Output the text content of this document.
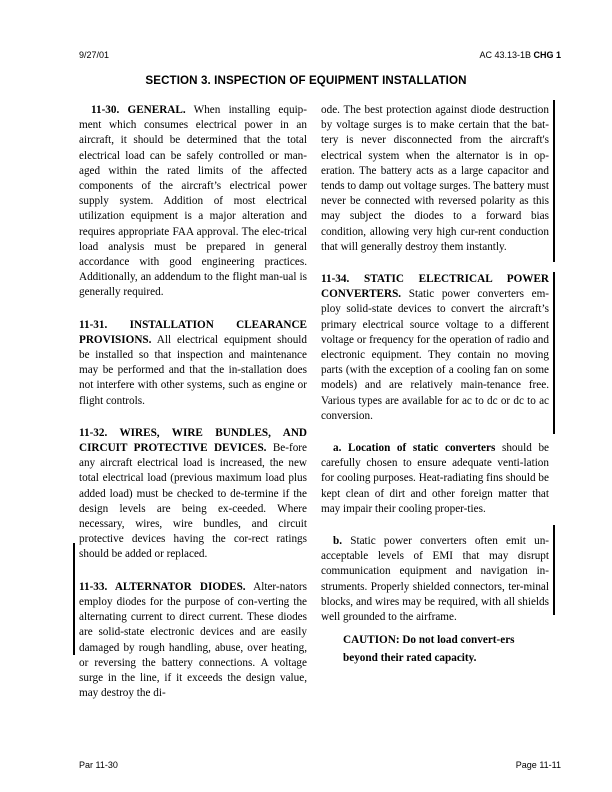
9/27/01	AC 43.13-1B CHG 1
SECTION 3. INSPECTION OF EQUIPMENT INSTALLATION

11-30. GENERAL. When installing equip-ment which consumes electrical power in an aircraft, it should be determined that the total electrical load can be safely controlled or man-aged within the rated limits of the affected components of the aircraft’s electrical power supply system. Addition of most electrical utilization equipment is a major alteration and requires appropriate FAA approval. The elec-trical load analysis must be prepared in general accordance with good engineering practices. Additionally, an addendum to the flight man-ual is generally required.

11-31. INSTALLATION CLEARANCE PROVISIONS. All electrical equipment should be installed so that inspection and maintenance may be performed and that the in-stallation does not interfere with other systems, such as engine or flight controls.

11-32. WIRES, WIRE BUNDLES, AND CIRCUIT PROTECTIVE DEVICES. Be-fore any aircraft electrical load is increased, the new total electrical load (previous maximum load plus added load) must be checked to de-termine if the design levels are being ex-ceeded. Where necessary, wires, wire bundles, and circuit protective devices having the cor-rect ratings should be added or replaced.

11-33. ALTERNATOR DIODES. Alter-nators employ diodes for the purpose of con-verting the alternating current to direct current. These diodes are solid-state electronic devices and are easily damaged by rough handling, abuse, over heating, or reversing the battery connections. A voltage surge in the line, if it exceeds the design value, may destroy the di-

ode. The best protection against diode destruction by voltage surges is to make certain that the bat-tery is never disconnected from the aircraft's electrical system when the alternator is in op-eration. The battery acts as a large capacitor and tends to damp out voltage surges. The battery must never be connected with reversed polarity as this may subject the diodes to a forward bias condition, allowing very high cur-rent conduction that will generally destroy them instantly.

11-34. STATIC ELECTRICAL POWER CONVERTERS. Static power converters em-ploy solid-state devices to convert the aircraft’s primary electrical source voltage to a different voltage or frequency for the operation of radio and electronic equipment. They contain no moving parts (with the exception of a cooling fan on some models) and are relatively main-tenance free. Various types are available for ac to dc or dc to ac conversion.

a. Location of static converters should be carefully chosen to ensure adequate venti-lation for cooling purposes. Heat-radiating fins should be kept clean of dirt and other foreign matter that may impair their cooling proper-ties.

b. Static power converters often emit un-acceptable levels of EMI that may disrupt communication equipment and navigation in-struments. Properly shielded connectors, ter-minal blocks, and wires may be required, with all shields well grounded to the airframe.

CAUTION: Do not load convert-ers beyond their rated capacity.
Par 11-30	Page 11-11
